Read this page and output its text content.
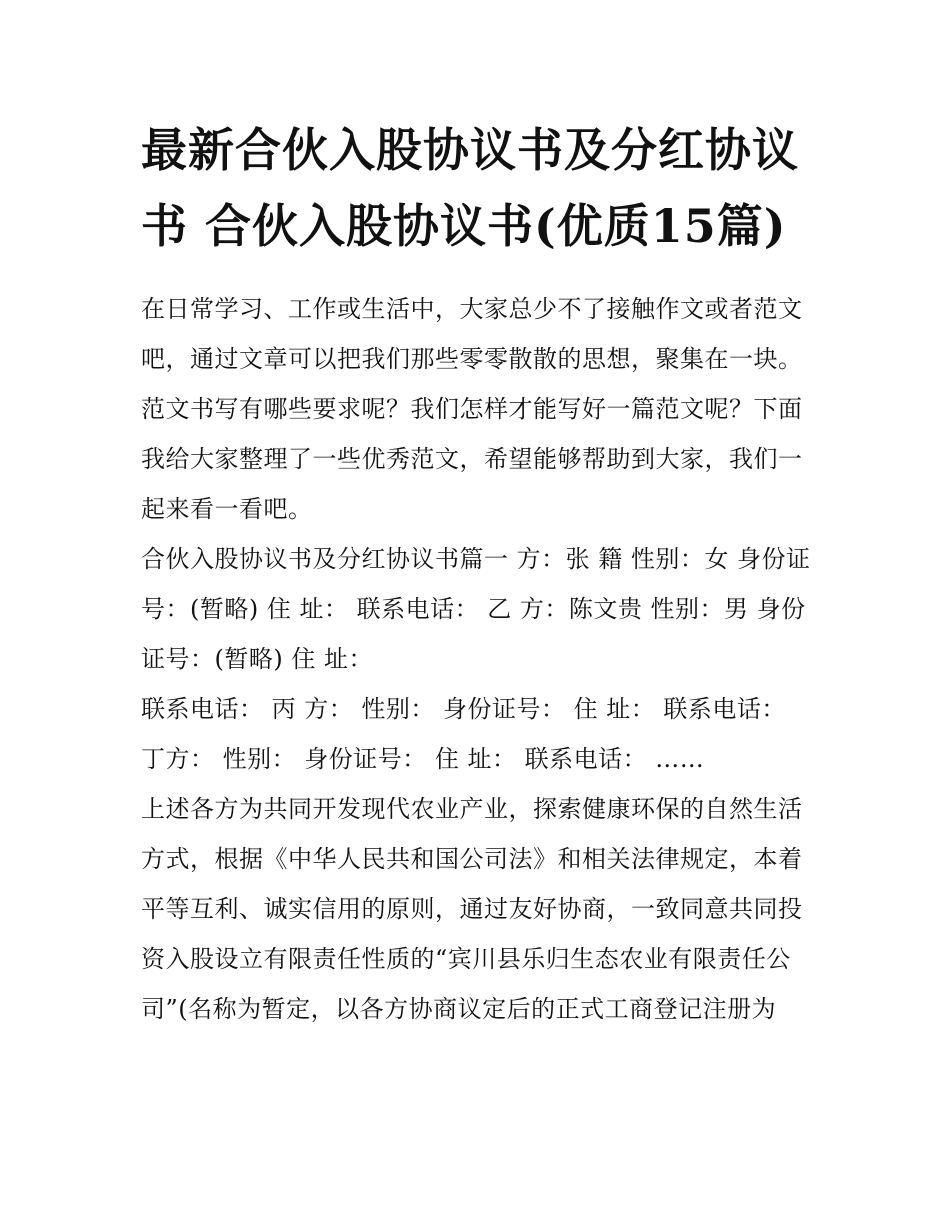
最新合伙入股协议书及分红协议书 合伙入股协议书(优质15篇)

在日常学习、工作或生活中，大家总少不了接触作文或者范文吧，通过文章可以把我们那些零零散散的思想，聚集在一块。范文书写有哪些要求呢？我们怎样才能写好一篇范文呢？下面我给大家整理了一些优秀范文，希望能够帮助到大家，我们一起来看一看吧。

合伙入股协议书及分红协议书篇一 方：张 籍 性别：女 身份证号：(暂略) 住 址： 联系电话： 乙 方：陈文贵 性别：男 身份证号：(暂略) 住 址：

联系电话： 丙 方： 性别： 身份证号： 住 址： 联系电话： 丁方： 性别： 身份证号： 住 址： 联系电话： ……

上述各方为共同开发现代农业产业，探索健康环保的自然生活方式，根据《中华人民共和国公司法》和相关法律规定，本着平等互利、诚实信用的原则，通过友好协商，一致同意共同投资入股设立有限责任性质的“宾川县乐归生态农业有限责任公司”(名称为暂定，以各方协商议定后的正式工商登记注册为
